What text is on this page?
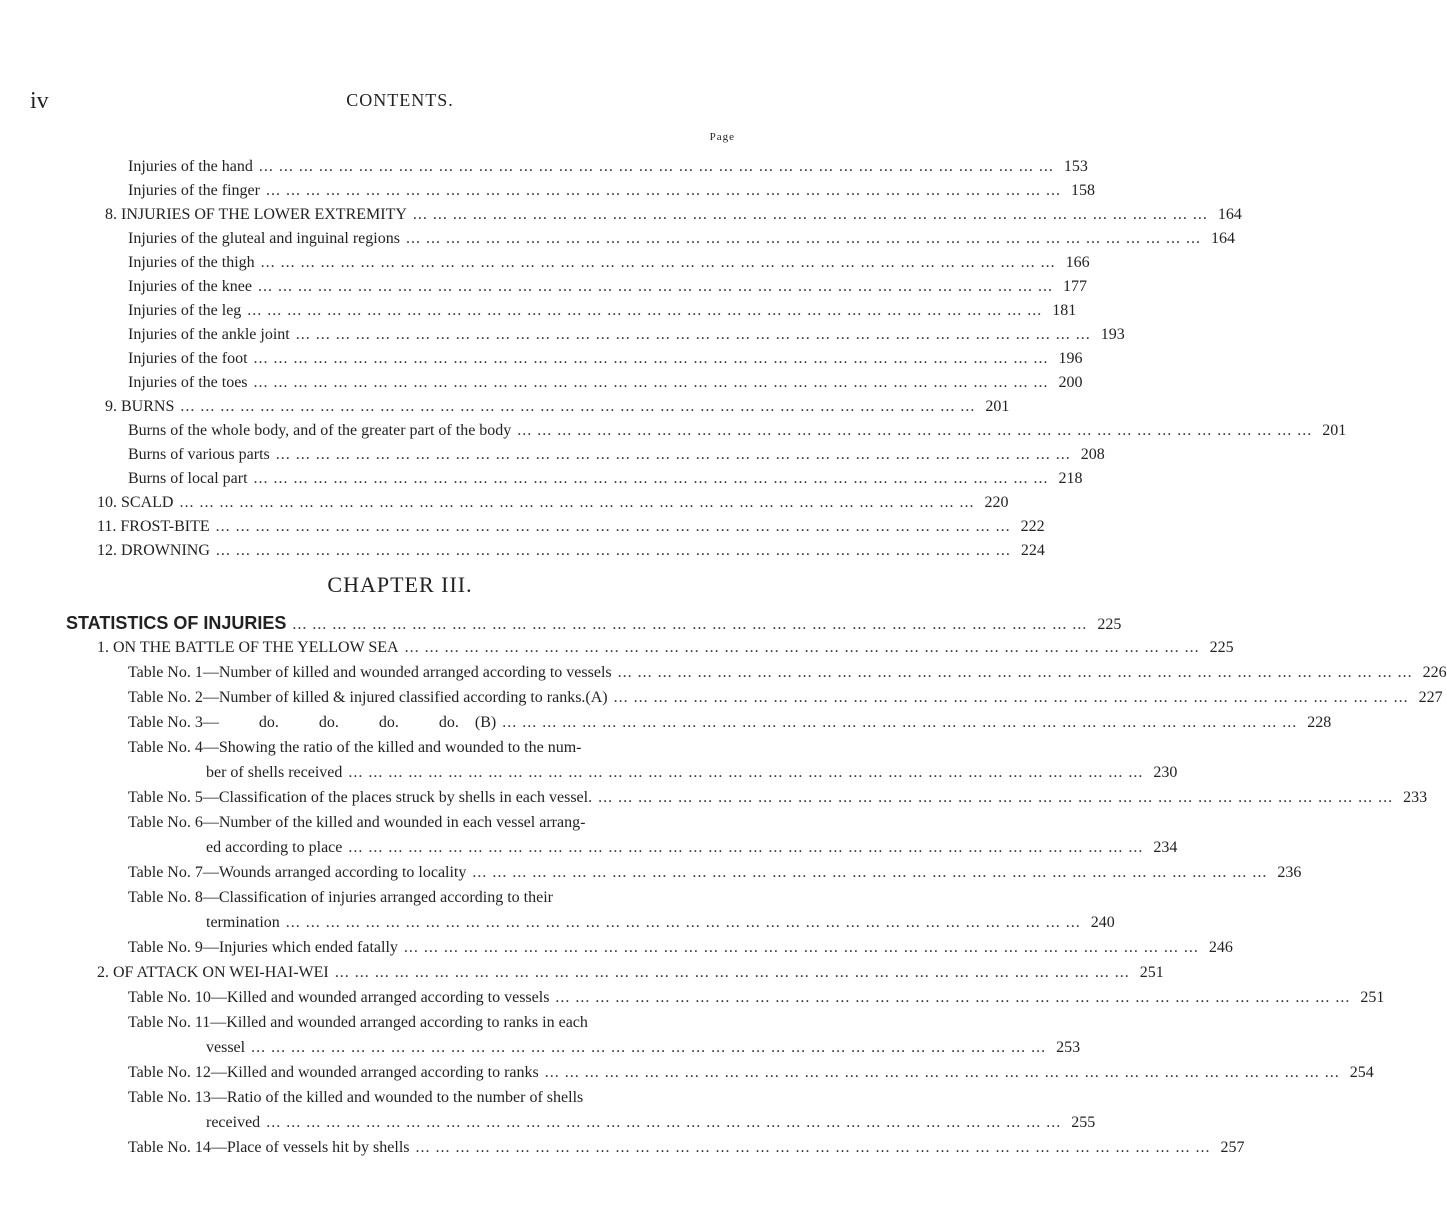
iv	CONTENTS.
Page
Injuries of the hand ... ... ... ... ... ... ... ... ... ... ... ... ... ... ... ... ... ... ... ... ... ... ... ... ... ... ... ... ... ... ... ... ... ... ... ... ... ... ... ... 153
Injuries of the finger ... ... ... ... ... ... ... ... ... ... ... ... ... ... ... ... ... ... ... ... ... ... ... ... ... ... ... ... ... ... ... ... ... ... ... ... ... ... ... ... 158
8. INJURIES OF THE LOWER EXTREMITY ... ... ... ... ... ... ... ... ... ... ... ... ... ... ... ... ... ... ... ... ... ... ... ... ... ... ... ... ... ... ... ... ... ... ... ... ... ... ... ... 164
Injuries of the gluteal and inguinal regions ... ... ... ... ... ... ... ... ... ... ... ... ... ... ... ... ... ... ... ... ... ... ... ... ... ... ... ... ... ... ... ... ... ... ... ... ... ... ... ... 164
Injuries of the thigh ... ... ... ... ... ... ... ... ... ... ... ... ... ... ... ... ... ... ... ... ... ... ... ... ... ... ... ... ... ... ... ... ... ... ... ... ... ... ... ... 166
Injuries of the knee ... ... ... ... ... ... ... ... ... ... ... ... ... ... ... ... ... ... ... ... ... ... ... ... ... ... ... ... ... ... ... ... ... ... ... ... ... ... ... ... 177
Injuries of the leg ... ... ... ... ... ... ... ... ... ... ... ... ... ... ... ... ... ... ... ... ... ... ... ... ... ... ... ... ... ... ... ... ... ... ... ... ... ... ... ... 181
Injuries of the ankle joint ... ... ... ... ... ... ... ... ... ... ... ... ... ... ... ... ... ... ... ... ... ... ... ... ... ... ... ... ... ... ... ... ... ... ... ... ... ... ... ... 193
Injuries of the foot ... ... ... ... ... ... ... ... ... ... ... ... ... ... ... ... ... ... ... ... ... ... ... ... ... ... ... ... ... ... ... ... ... ... ... ... ... ... ... ... 196
Injuries of the toes ... ... ... ... ... ... ... ... ... ... ... ... ... ... ... ... ... ... ... ... ... ... ... ... ... ... ... ... ... ... ... ... ... ... ... ... ... ... ... ... 200
9. BURNS ... ... ... ... ... ... ... ... ... ... ... ... ... ... ... ... ... ... ... ... ... ... ... ... ... ... ... ... ... ... ... ... ... ... ... ... ... ... ... ... 201
Burns of the whole body, and of the greater part of the body ... ... ... ... ... ... ... ... ... ... ... ... ... ... ... ... ... ... ... ... ... ... ... ... ... ... ... ... ... ... ... ... ... ... ... ... ... ... ... ... 201
Burns of various parts ... ... ... ... ... ... ... ... ... ... ... ... ... ... ... ... ... ... ... ... ... ... ... ... ... ... ... ... ... ... ... ... ... ... ... ... ... ... ... ... 208
Burns of local part ... ... ... ... ... ... ... ... ... ... ... ... ... ... ... ... ... ... ... ... ... ... ... ... ... ... ... ... ... ... ... ... ... ... ... ... ... ... ... ... 218
10. SCALD ... ... ... ... ... ... ... ... ... ... ... ... ... ... ... ... ... ... ... ... ... ... ... ... ... ... ... ... ... ... ... ... ... ... ... ... ... ... ... ... 220
11. FROST-BITE ... ... ... ... ... ... ... ... ... ... ... ... ... ... ... ... ... ... ... ... ... ... ... ... ... ... ... ... ... ... ... ... ... ... ... ... ... ... ... ... 222
12. DROWNING ... ... ... ... ... ... ... ... ... ... ... ... ... ... ... ... ... ... ... ... ... ... ... ... ... ... ... ... ... ... ... ... ... ... ... ... ... ... ... ... 224
CHAPTER III.
STATISTICS OF INJURIES ... ... ... ... ... ... ... ... ... ... ... ... ... ... ... ... ... ... ... ... ... ... ... ... ... ... ... ... ... ... ... ... ... ... ... ... ... ... ... ... 225
1. ON THE BATTLE OF THE YELLOW SEA ... ... ... ... ... ... ... ... ... ... ... ... ... ... ... ... ... ... ... ... ... ... ... ... ... ... ... ... ... ... ... ... ... ... ... ... ... ... ... ... 225
Table No. 1—Number of killed and wounded arranged according to vessels ... ... ... ... ... ... ... ... ... ... ... ... ... ... ... ... ... ... ... ... ... ... ... ... ... ... ... ... ... ... ... ... ... ... ... ... ... ... ... ... 226
Table No. 2—Number of killed & injured classified according to ranks.(A) ... ... ... ... ... ... ... ... ... ... ... ... ... ... ... ... ... ... ... ... ... ... ... ... ... ... ... ... ... ... ... ... ... ... ... ... ... ... ... ... 227
Table No. 3—          do.          do.          do.          do.    (B) ... ... ... ... ... ... ... ... ... ... ... ... ... ... ... ... ... ... ... ... ... ... ... ... ... ... ... ... ... ... ... ... ... ... ... ... ... ... ... ... 228
Table No. 4—Showing the ratio of the killed and wounded to the num-
ber of shells received ... ... ... ... ... ... ... ... ... ... ... ... ... ... ... ... ... ... ... ... ... ... ... ... ... ... ... ... ... ... ... ... ... ... ... ... ... ... ... ... 230
Table No. 5—Classification of the places struck by shells in each vessel. ... ... ... ... ... ... ... ... ... ... ... ... ... ... ... ... ... ... ... ... ... ... ... ... ... ... ... ... ... ... ... ... ... ... ... ... ... ... ... ... 233
Table No. 6—Number of the killed and wounded in each vessel arrang-
ed according to place ... ... ... ... ... ... ... ... ... ... ... ... ... ... ... ... ... ... ... ... ... ... ... ... ... ... ... ... ... ... ... ... ... ... ... ... ... ... ... ... 234
Table No. 7—Wounds arranged according to locality ... ... ... ... ... ... ... ... ... ... ... ... ... ... ... ... ... ... ... ... ... ... ... ... ... ... ... ... ... ... ... ... ... ... ... ... ... ... ... ... 236
Table No. 8—Classification of injuries arranged according to their
termination ... ... ... ... ... ... ... ... ... ... ... ... ... ... ... ... ... ... ... ... ... ... ... ... ... ... ... ... ... ... ... ... ... ... ... ... ... ... ... ... 240
Table No. 9—Injuries which ended fatally ... ... ... ... ... ... ... ... ... ... ... ... ... ... ... ... ... ... ... ... ... ... ... ... ... ... ... ... ... ... ... ... ... ... ... ... ... ... ... ... 246
2. OF ATTACK ON WEI-HAI-WEI ... ... ... ... ... ... ... ... ... ... ... ... ... ... ... ... ... ... ... ... ... ... ... ... ... ... ... ... ... ... ... ... ... ... ... ... ... ... ... ... 251
Table No. 10—Killed and wounded arranged according to vessels ... ... ... ... ... ... ... ... ... ... ... ... ... ... ... ... ... ... ... ... ... ... ... ... ... ... ... ... ... ... ... ... ... ... ... ... ... ... ... ... 251
Table No. 11—Killed and wounded arranged according to ranks in each
vessel ... ... ... ... ... ... ... ... ... ... ... ... ... ... ... ... ... ... ... ... ... ... ... ... ... ... ... ... ... ... ... ... ... ... ... ... ... ... ... ... 253
Table No. 12—Killed and wounded arranged according to ranks ... ... ... ... ... ... ... ... ... ... ... ... ... ... ... ... ... ... ... ... ... ... ... ... ... ... ... ... ... ... ... ... ... ... ... ... ... ... ... ... 254
Table No. 13—Ratio of the killed and wounded to the number of shells
received ... ... ... ... ... ... ... ... ... ... ... ... ... ... ... ... ... ... ... ... ... ... ... ... ... ... ... ... ... ... ... ... ... ... ... ... ... ... ... ... 255
Table No. 14—Place of vessels hit by shells ... ... ... ... ... ... ... ... ... ... ... ... ... ... ... ... ... ... ... ... ... ... ... ... ... ... ... ... ... ... ... ... ... ... ... ... ... ... ... ... 257
